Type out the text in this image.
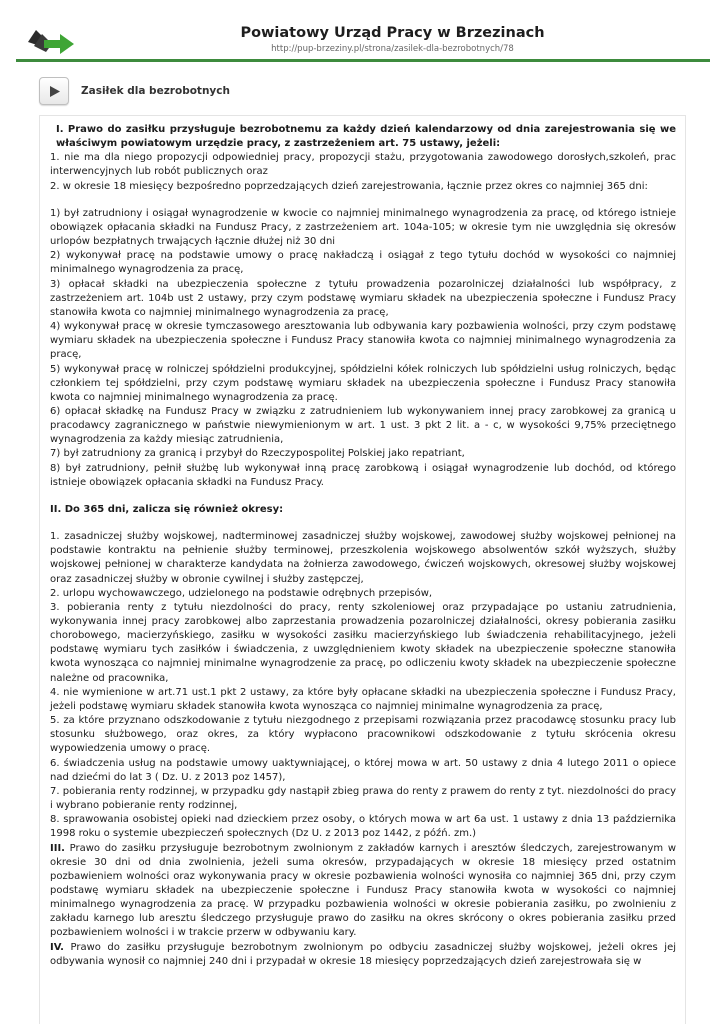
Powiatowy Urząd Pracy w Brzezinach
http://pup-brzeziny.pl/strona/zasilek-dla-bezrobotnych/78
Zasiłek dla bezrobotnych

I. Prawo do zasiłku przysługuje bezrobotnemu za każdy dzień kalendarzowy od dnia zarejestrowania się we właściwym powiatowym urzędzie pracy, z zastrzeżeniem art. 75 ustawy, jeżeli:

1. nie ma dla niego propozycji odpowiedniej pracy, propozycji stażu, przygotowania zawodowego dorosłych,szkoleń, prac interwencyjnych lub robót publicznych oraz

2. w okresie 18 miesięcy bezpośredno poprzedzających dzień zarejestrowania, łącznie przez okres co najmniej 365 dni:

1) był zatrudniony i osiągał wynagrodzenie w kwocie co najmniej minimalnego wynagrodzenia za pracę, od którego istnieje obowiązek opłacania składki na Fundusz Pracy, z zastrzeżeniem art. 104a-105; w okresie tym nie uwzględnia się okresów urlopów bezpłatnych trwających łącznie dłużej niż 30 dni

2) wykonywał pracę na podstawie umowy o pracę nakładczą i osiągał z tego tytułu dochód w wysokości co najmniej minimalnego wynagrodzenia za pracę,

3) opłacał składki na ubezpieczenia społeczne z tytułu prowadzenia pozarolniczej działalności lub współpracy, z zastrzeżeniem art. 104b ust 2 ustawy, przy czym podstawę wymiaru składek na ubezpieczenia społeczne i Fundusz Pracy stanowiła kwota co najmniej minimalnego wynagrodzenia za pracę,

4) wykonywał pracę w okresie tymczasowego aresztowania lub odbywania kary pozbawienia wolności, przy czym podstawę wymiaru składek na ubezpieczenia społeczne i Fundusz Pracy stanowiła kwota co najmniej minimalnego wynagrodzenia za pracę,

5) wykonywał pracę w rolniczej spółdzielni produkcyjnej, spółdzielni kółek rolniczych lub spółdzielni usług rolniczych, będąc członkiem tej spółdzielni, przy czym podstawę wymiaru składek na ubezpieczenia społeczne i Fundusz Pracy stanowiła kwota co najmniej minimalnego wynagrodzenia za pracę.

6) opłacał składkę na Fundusz Pracy w związku z zatrudnieniem lub wykonywaniem innej pracy zarobkowej za granicą u pracodawcy zagranicznego w państwie niewymienionym w art. 1 ust. 3 pkt 2 lit. a - c, w wysokości 9,75% przeciętnego wynagrodzenia za każdy miesiąc zatrudnienia,

7) był zatrudniony za granicą i przybył do Rzeczypospolitej Polskiej jako repatriant,

8) był zatrudniony, pełnił służbę lub wykonywał inną pracę zarobkową i osiągał wynagrodzenie lub dochód, od którego istnieje obowiązek opłacania składki na Fundusz Pracy.

II. Do 365 dni, zalicza się również okresy:

1. zasadniczej służby wojskowej, nadterminowej zasadniczej służby wojskowej, zawodowej służby wojskowej pełnionej na podstawie kontraktu na pełnienie służby terminowej, przeszkolenia wojskowego absolwentów szkół wyższych, służby wojskowej pełnionej w charakterze kandydata na żołnierza zawodowego, ćwiczeń wojskowych, okresowej służby wojskowej oraz zasadniczej służby w obronie cywilnej i służby zastępczej,

2. urlopu wychowawczego, udzielonego na podstawie odrębnych przepisów,

3. pobierania renty z tytułu niezdolności do pracy, renty szkoleniowej oraz przypadające po ustaniu zatrudnienia, wykonywania innej pracy zarobkowej albo zaprzestania prowadzenia pozarolniczej działalności, okresy pobierania zasiłku chorobowego, macierzyńskiego, zasiłku w wysokości zasiłku macierzyńskiego lub świadczenia rehabilitacyjnego, jeżeli podstawę wymiaru tych zasiłków i świadczenia, z uwzględnieniem kwoty składek na ubezpieczenie społeczne stanowiła kwota wynosząca co najmniej minimalne wynagrodzenie za pracę, po odliczeniu kwoty składek na ubezpieczenie społeczne należne od pracownika,

4. nie wymienione w art.71 ust.1 pkt 2 ustawy, za które były opłacane składki na ubezpieczenia społeczne i Fundusz Pracy, jeżeli podstawę wymiaru składek stanowiła kwota wynosząca co najmniej minimalne wynagrodzenia za pracę,

5. za które przyznano odszkodowanie z tytułu niezgodnego z przepisami rozwiązania przez pracodawcę stosunku pracy lub stosunku służbowego, oraz okres, za który wypłacono pracownikowi odszkodowanie z tytułu skrócenia okresu wypowiedzenia umowy o pracę.

6. świadczenia usług na podstawie umowy uaktywniającej, o której mowa w art. 50 ustawy z dnia 4 lutego 2011 o opiece nad dziećmi do lat 3 ( Dz. U. z 2013 poz 1457),

7. pobierania renty rodzinnej, w przypadku gdy nastąpił zbieg prawa do renty z prawem do renty z tyt. niezdolności do pracy i wybrano pobieranie renty rodzinnej,

8. sprawowania osobistej opieki nad dzieckiem przez osoby, o których mowa w art 6a ust. 1 ustawy z dnia 13 października 1998 roku o systemie ubezpieczeń społecznych (Dz U. z 2013 poz 1442, z późń. zm.)

III. Prawo do zasiłku przysługuje bezrobotnym zwolnionym z zakładów karnych i aresztów śledczych, zarejestrowanym w okresie 30 dni od dnia zwolnienia, jeżeli suma okresów, przypadających w okresie 18 miesięcy przed ostatnim pozbawieniem wolności oraz wykonywania pracy w okresie pozbawienia wolności wynosiła co najmniej 365 dni, przy czym podstawę wymiaru składek na ubezpieczenie społeczne i Fundusz Pracy stanowiła kwota w wysokości co najmniej minimalnego wynagrodzenia za pracę. W przypadku pozbawienia wolności w okresie pobierania zasiłku, po zwolnieniu z zakładu karnego lub aresztu śledczego przysługuje prawo do zasiłku na okres skrócony o okres pobierania zasiłku przed pozbawieniem wolności i w trakcie przerw w odbywaniu kary.

IV. Prawo do zasiłku przysługuje bezrobotnym zwolnionym po odbyciu zasadniczej służby wojskowej, jeżeli okres jej odbywania wynosił co najmniej 240 dni i przypadał w okresie 18 miesięcy poprzedzających dzień zarejestrowała się w
